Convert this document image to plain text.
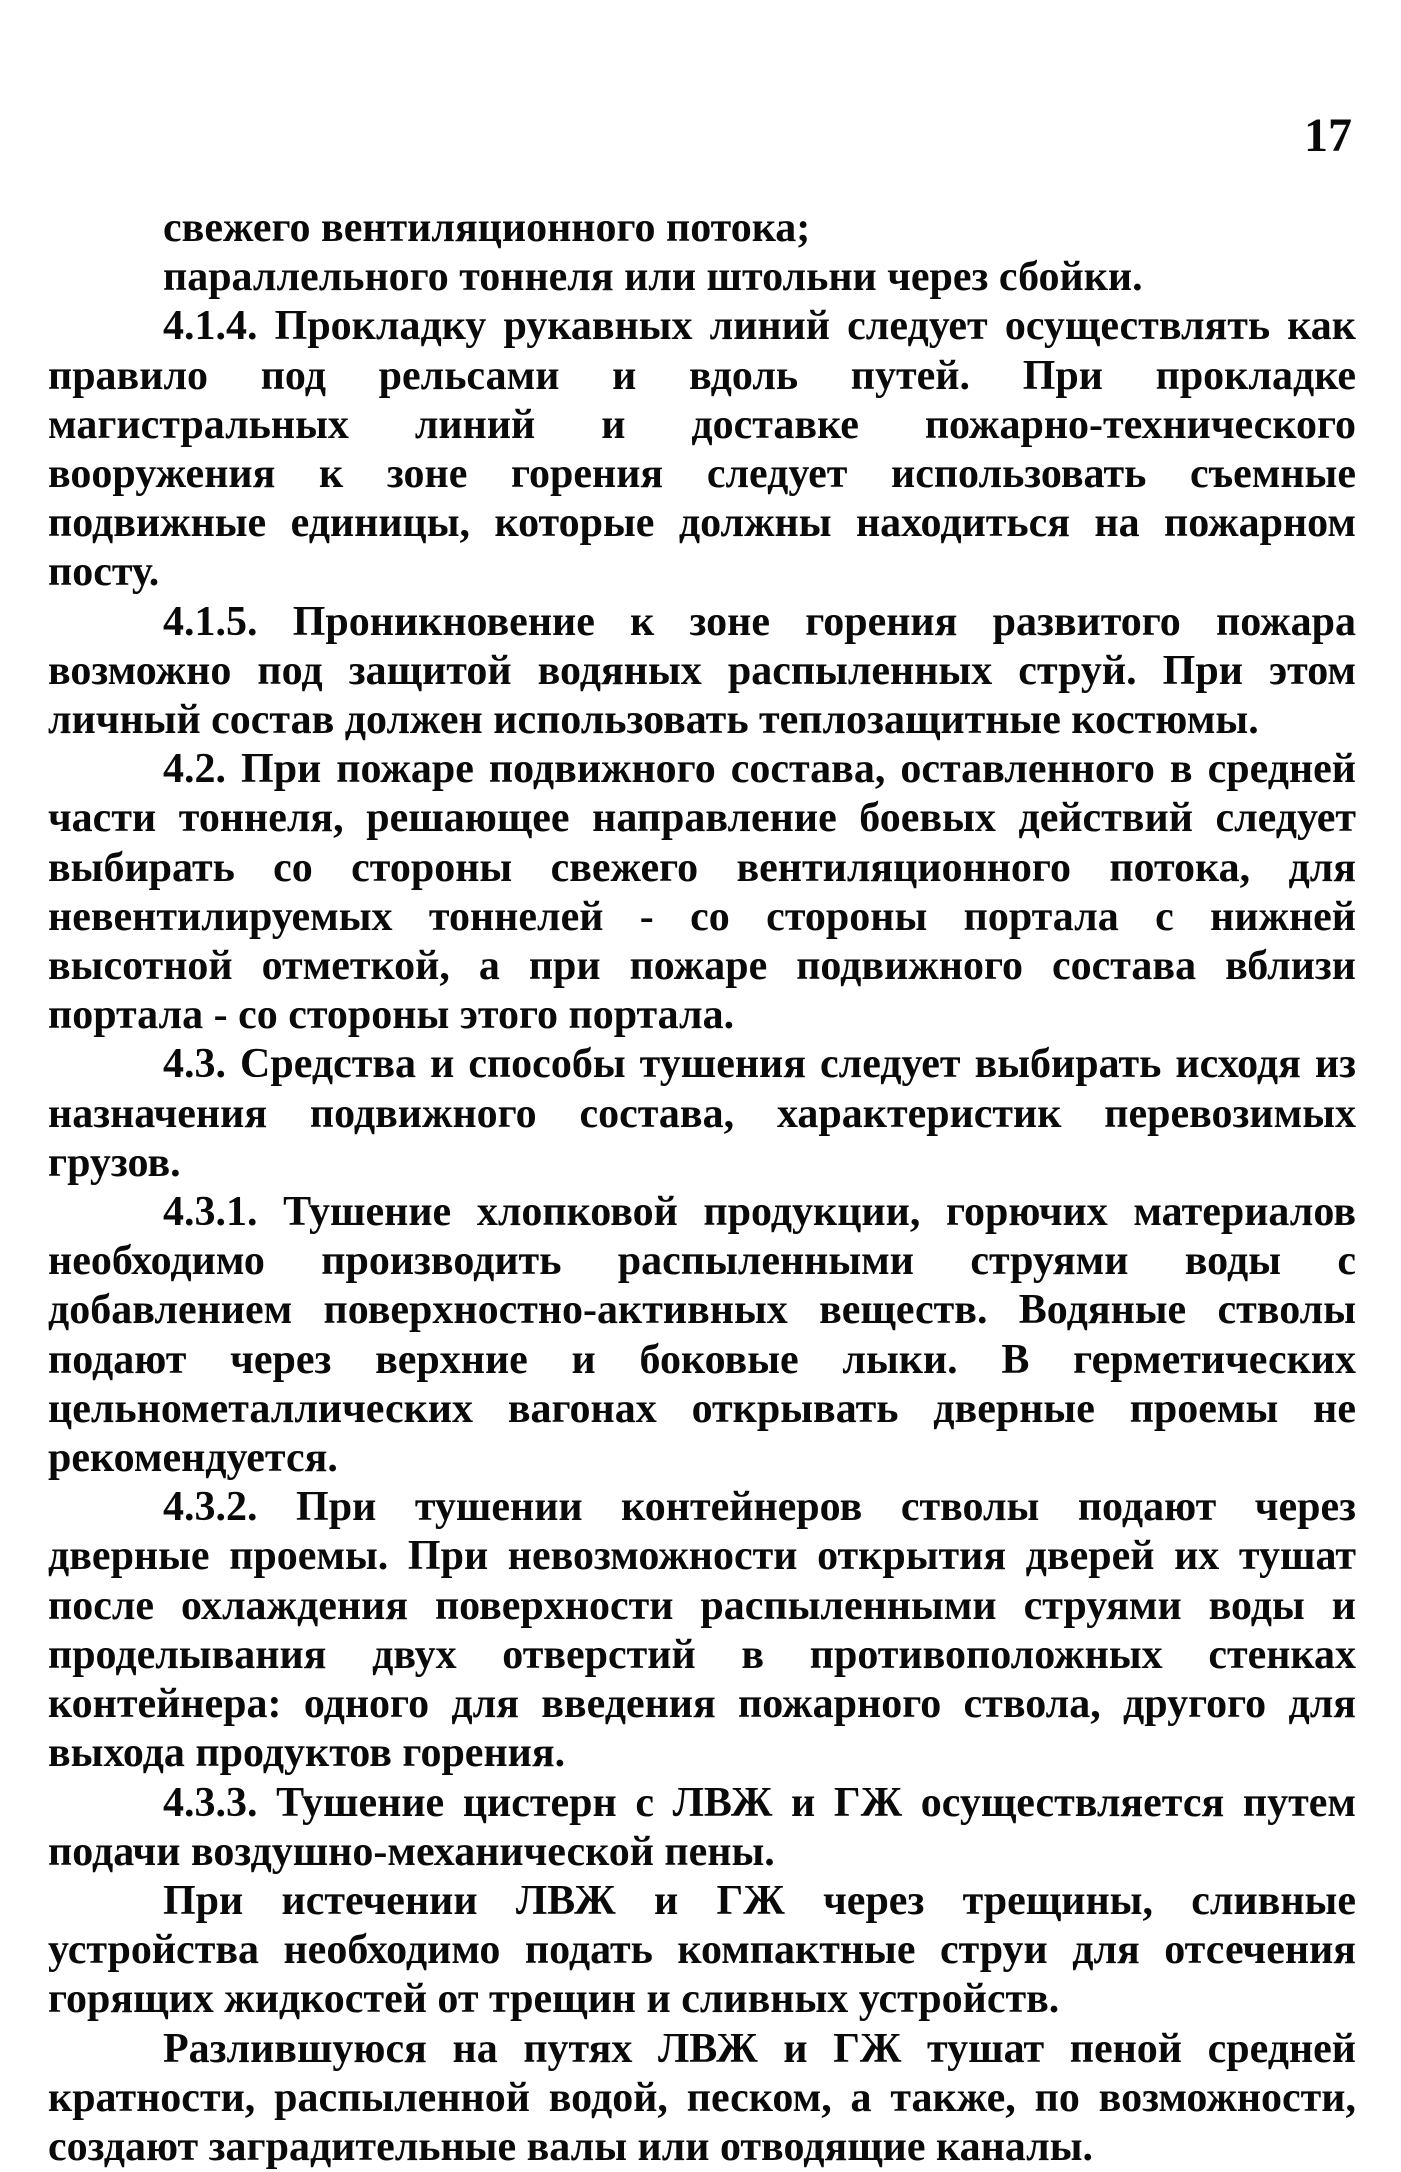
17

свежего вентиляционного потока;

параллельного тоннеля или штольни через сбойки.

4.1.4. Прокладку рукавных линий следует осуществлять как правило под рельсами и вдоль путей. При прокладке магистральных линий и доставке пожарно-технического вооружения к зоне горения следует использовать съемные подвижные единицы, которые должны находиться на пожарном посту.

4.1.5. Проникновение к зоне горения развитого пожара возможно под защитой водяных распыленных струй. При этом личный состав должен использовать теплозащитные костюмы.

4.2. При пожаре подвижного состава, оставленного в средней части тоннеля, решающее направление боевых действий следует выбирать со стороны свежего вентиляционного потока, для невентилируемых тоннелей - со стороны портала с нижней высотной отметкой, а при пожаре подвижного состава вблизи портала - со стороны этого портала.

4.3. Средства и способы тушения следует выбирать исходя из назначения подвижного состава, характеристик перевозимых грузов.

4.3.1. Тушение хлопковой продукции, горючих материалов необходимо производить распыленными струями воды с добавлением поверхностно-активных веществ. Водяные стволы подают через верхние и боковые лыки. В герметических цельнометаллических вагонах открывать дверные проемы не рекомендуется.

4.3.2. При тушении контейнеров стволы подают через дверные проемы. При невозможности открытия дверей их тушат после охлаждения поверхности распыленными струями воды и проделывания двух отверстий в противоположных стенках контейнера: одного для введения пожарного ствола, другого для выхода продуктов горения.

4.3.3. Тушение цистерн с ЛВЖ и ГЖ осуществляется путем подачи воздушно-механической пены.

При истечении ЛВЖ и ГЖ через трещины, сливные устройства необходимо подать компактные струи для отсечения горящих жидкостей от трещин и сливных устройств.

Разлившуюся на путях ЛВЖ и ГЖ тушат пеной средней кратности, распыленной водой, песком, а также, по возможности, создают заградительные валы или отводящие каналы.
